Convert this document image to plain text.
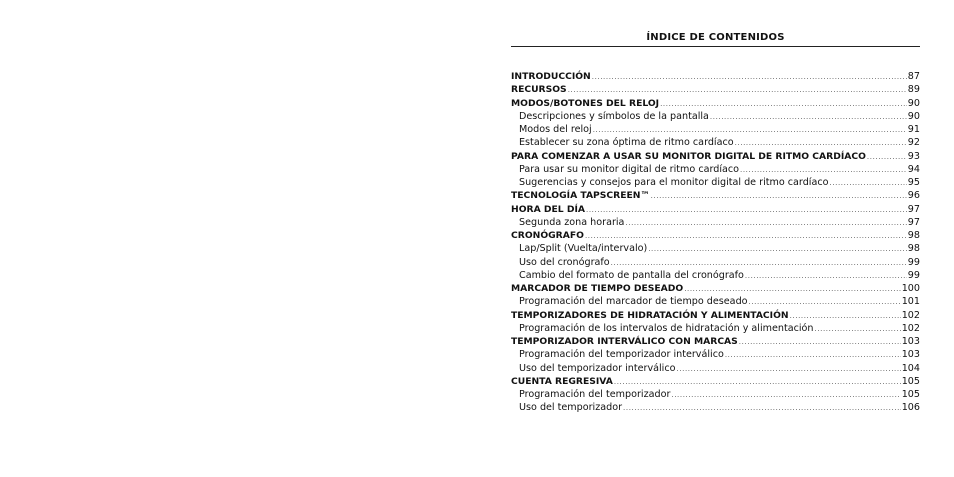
ÍNDICE DE CONTENIDOS
INTRODUCCIÓN .....	87
RECURSOS .....	89
MODOS/BOTONES DEL RELOJ .....	90
Descripciones y símbolos de la pantalla .....	90
Modos del reloj .....	91
Establecer su zona óptima de ritmo cardíaco .....	92
PARA COMENZAR A USAR SU MONITOR DIGITAL DE RITMO CARDÍACO .....	93
Para usar su monitor digital de ritmo cardíaco .....	94
Sugerencias y consejos para el monitor digital de ritmo cardíaco .....	95
TECNOLOGÍA TAPSCREEN™ .....	96
HORA DEL DÍA .....	97
Segunda zona horaria .....	97
CRONÓGRAFO .....	98
Lap/Split (Vuelta/intervalo) .....	98
Uso del cronógrafo .....	99
Cambio del formato de pantalla del cronógrafo .....	99
MARCADOR DE TIEMPO DESEADO .....	100
Programación del marcador de tiempo deseado .....	101
TEMPORIZADORES DE HIDRATACIÓN Y ALIMENTACIÓN .....	102
Programación de los intervalos de hidratación y alimentación .....	102
TEMPORIZADOR INTERVÁLICO CON MARCAS .....	103
Programación del temporizador interválico .....	103
Uso del temporizador interválico .....	104
CUENTA REGRESIVA .....	105
Programación del temporizador .....	105
Uso del temporizador .....	106
